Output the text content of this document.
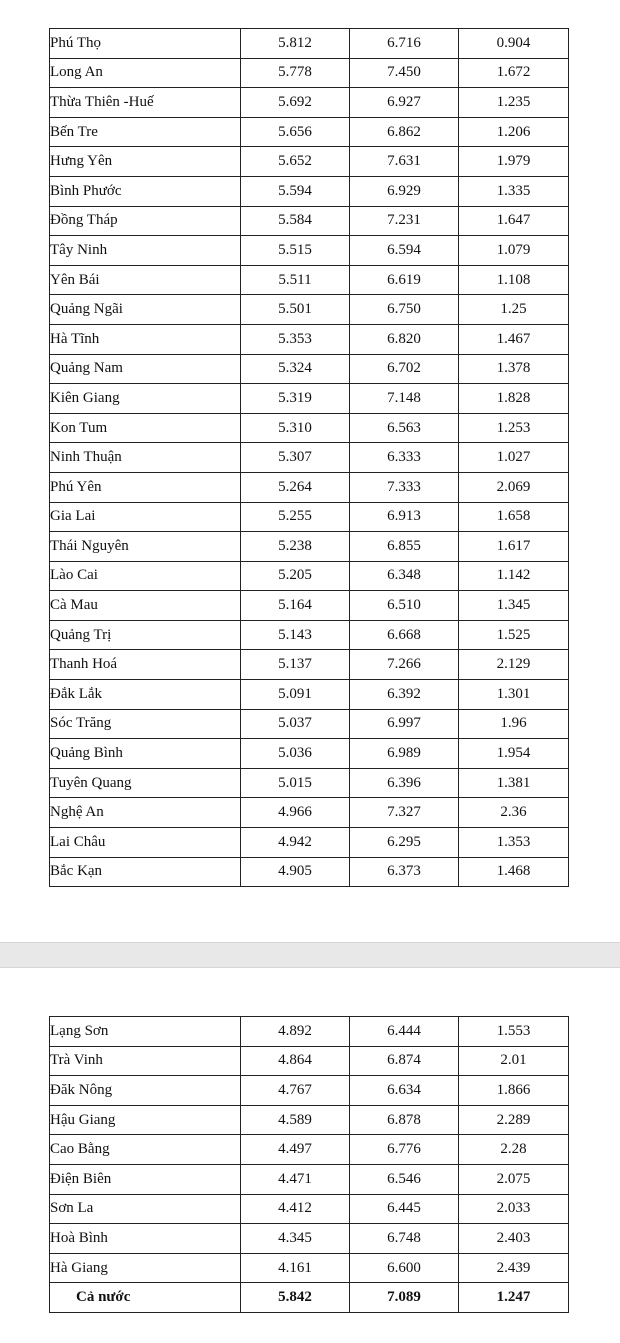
Phú Thọ	5.812	6.716	0.904
Long An	5.778	7.450	1.672
Thừa Thiên -Huế	5.692	6.927	1.235
Bến Tre	5.656	6.862	1.206
Hưng Yên	5.652	7.631	1.979
Bình Phước	5.594	6.929	1.335
Đồng Tháp	5.584	7.231	1.647
Tây Ninh	5.515	6.594	1.079
Yên Bái	5.511	6.619	1.108
Quảng Ngãi	5.501	6.750	1.25
Hà Tĩnh	5.353	6.820	1.467
Quảng Nam	5.324	6.702	1.378
Kiên Giang	5.319	7.148	1.828
Kon Tum	5.310	6.563	1.253
Ninh Thuận	5.307	6.333	1.027
Phú Yên	5.264	7.333	2.069
Gia Lai	5.255	6.913	1.658
Thái Nguyên	5.238	6.855	1.617
Lào Cai	5.205	6.348	1.142
Cà Mau	5.164	6.510	1.345
Quảng Trị	5.143	6.668	1.525
Thanh Hoá	5.137	7.266	2.129
Đắk Lắk	5.091	6.392	1.301
Sóc Trăng	5.037	6.997	1.96
Quảng Bình	5.036	6.989	1.954
Tuyên Quang	5.015	6.396	1.381
Nghệ An	4.966	7.327	2.36
Lai Châu	4.942	6.295	1.353
Bắc Kạn	4.905	6.373	1.468
Lạng Sơn	4.892	6.444	1.553
Trà Vinh	4.864	6.874	2.01
Đăk Nông	4.767	6.634	1.866
Hậu Giang	4.589	6.878	2.289
Cao Bằng	4.497	6.776	2.28
Điện Biên	4.471	6.546	2.075
Sơn La	4.412	6.445	2.033
Hoà Bình	4.345	6.748	2.403
Hà Giang	4.161	6.600	2.439
Cả nước	5.842	7.089	1.247
